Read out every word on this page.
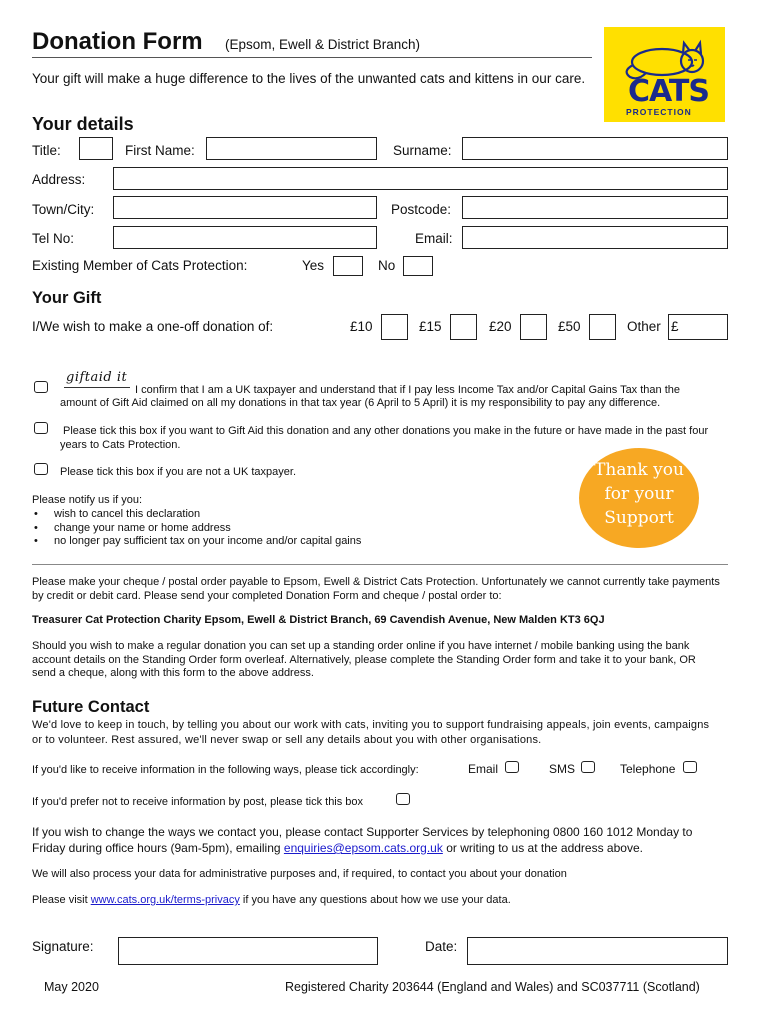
Donation Form (Epsom, Ewell & District Branch)
Your gift will make a huge difference to the lives of the unwanted cats and kittens in our care. CATS
PROTECTION
Your details
Title:	First Name:	Surname:
Address:
Town/City:	Postcode:
Tel No:	Email:
Existing Member of Cats Protection:	Yes	No
Your Gift
I/We wish to make a one-off donation of:	£10	£15	£20	£50	Other £
giftaid it
I confirm that I am a UK taxpayer and understand that if I pay less Income Tax and/or Capital Gains Tax than the
amount of Gift Aid claimed on all my donations in that tax year (6 April to 5 April) it is my responsibility to pay any difference.
Please tick this box if you want to Gift Aid this donation and any other donations you make in the future or have made in the past four years to Cats Protection.
Please tick this box if you are not a UK taxpayer.
Please notify us if you:
• wish to cancel this declaration
• change your name or home address
• no longer pay sufficient tax on your income and/or capital gains
Thank you
for your
Support
Please make your cheque / postal order payable to Epsom, Ewell & District Cats Protection. Unfortunately we cannot currently take payments by credit or debit card. Please send your completed Donation Form and cheque / postal order to:
Treasurer Cat Protection Charity Epsom, Ewell & District Branch, 69 Cavendish Avenue, New Malden KT3 6QJ
Should you wish to make a regular donation you can set up a standing order online if you have internet / mobile banking using the bank account details on the Standing Order form overleaf. Alternatively, please complete the Standing Order form and take it to your bank, OR send a cheque, along with this form to the above address.
Future Contact
We'd love to keep in touch, by telling you about our work with cats, inviting you to support fundraising appeals, join events, campaigns or to volunteer. Rest assured, we'll never swap or sell any details about you with other organisations.
If you'd like to receive information in the following ways, please tick accordingly:	Email	SMS	Telephone
If you'd prefer not to receive information by post, please tick this box
If you wish to change the ways we contact you, please contact Supporter Services by telephoning 0800 160 1012 Monday to Friday during office hours (9am-5pm), emailing enquiries@epsom.cats.org.uk or writing to us at the address above.
We will also process your data for administrative purposes and, if required, to contact you about your donation
Please visit www.cats.org.uk/terms-privacy if you have any questions about how we use your data.
Signature:	Date:
May 2020	Registered Charity 203644 (England and Wales) and SC037711 (Scotland)
